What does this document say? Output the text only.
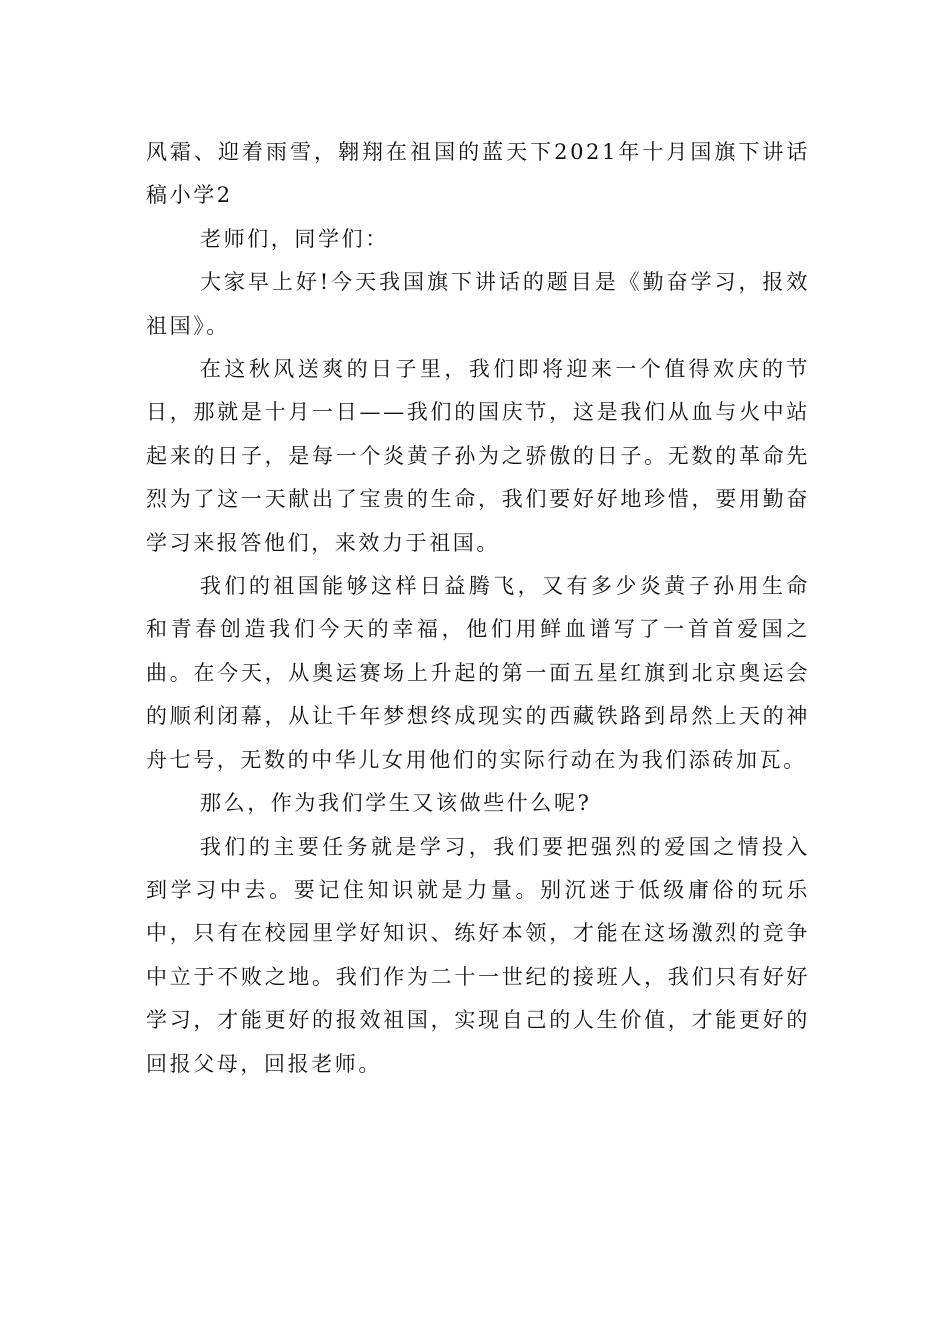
风霜、迎着雨雪，翱翔在祖国的蓝天下2021年十月国旗下讲话稿小学2

老师们，同学们：

大家早上好!今天我国旗下讲话的题目是《勤奋学习，报效祖国》。

在这秋风送爽的日子里，我们即将迎来一个值得欢庆的节日，那就是十月一日——我们的国庆节，这是我们从血与火中站起来的日子，是每一个炎黄子孙为之骄傲的日子。无数的革命先烈为了这一天献出了宝贵的生命，我们要好好地珍惜，要用勤奋学习来报答他们，来效力于祖国。

我们的祖国能够这样日益腾飞，又有多少炎黄子孙用生命和青春创造我们今天的幸福，他们用鲜血谱写了一首首爱国之曲。在今天，从奥运赛场上升起的第一面五星红旗到北京奥运会的顺利闭幕，从让千年梦想终成现实的西藏铁路到昂然上天的神舟七号，无数的中华儿女用他们的实际行动在为我们添砖加瓦。

那么，作为我们学生又该做些什么呢?

我们的主要任务就是学习，我们要把强烈的爱国之情投入到学习中去。要记住知识就是力量。别沉迷于低级庸俗的玩乐中，只有在校园里学好知识、练好本领，才能在这场激烈的竞争中立于不败之地。我们作为二十一世纪的接班人，我们只有好好学习，才能更好的报效祖国，实现自己的人生价值，才能更好的回报父母，回报老师。
